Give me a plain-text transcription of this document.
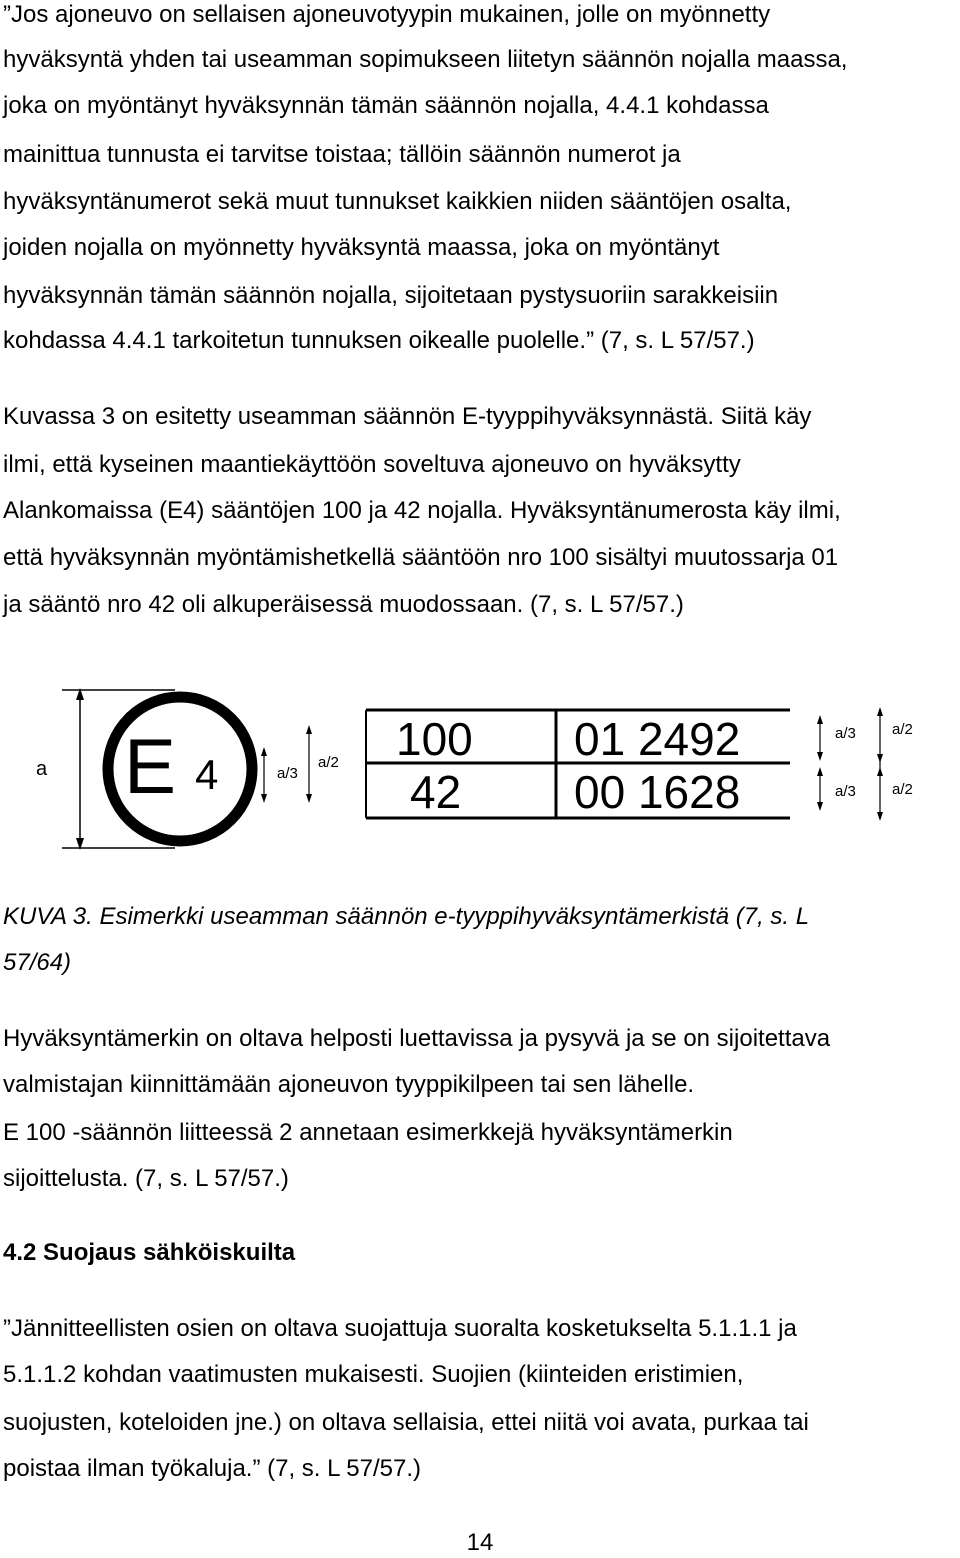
”Jos ajoneuvo on sellaisen ajoneuvotyypin mukainen, jolle on myönnetty
hyväksyntä yhden tai useamman sopimukseen liitetyn säännön nojalla maassa,
joka on myöntänyt hyväksynnän tämän säännön nojalla, 4.4.1 kohdassa
mainittua tunnusta ei tarvitse toistaa; tällöin säännön numerot ja
hyväksyntänumerot sekä muut tunnukset kaikkien niiden sääntöjen osalta,
joiden nojalla on myönnetty hyväksyntä maassa, joka on myöntänyt
hyväksynnän tämän säännön nojalla, sijoitetaan pystysuoriin sarakkeisiin
kohdassa 4.4.1 tarkoitetun tunnuksen oikealle puolelle.” (7, s. L 57/57.)
Kuvassa 3 on esitetty useamman säännön E-tyyppihyväksynnästä. Siitä käy
ilmi, että kyseinen maantiekäyttöön soveltuva ajoneuvo on hyväksytty
Alankomaissa (E4) sääntöjen 100 ja 42 nojalla. Hyväksyntänumerosta käy ilmi,
että hyväksynnän myöntämishetkellä sääntöön nro 100 sisältyi muutossarja 01
ja sääntö nro 42 oli alkuperäisessä muodossaan. (7, s. L 57/57.)
a E 4	a/3
a/2 100 01 2492
42 00 1628
a/3
a/3
a/2
a/2
KUVA 3. Esimerkki useamman säännön e-tyyppihyväksyntämerkistä (7, s. L
57/64)
Hyväksyntämerkin on oltava helposti luettavissa ja pysyvä ja se on sijoitettava
valmistajan kiinnittämään ajoneuvon tyyppikilpeen tai sen lähelle.
E 100 -säännön liitteessä 2 annetaan esimerkkejä hyväksyntämerkin
sijoittelusta. (7, s. L 57/57.)
4.2 Suojaus sähköiskuilta
”Jännitteellisten osien on oltava suojattuja suoralta kosketukselta 5.1.1.1 ja
5.1.1.2 kohdan vaatimusten mukaisesti. Suojien (kiinteiden eristimien,
suojusten, koteloiden jne.) on oltava sellaisia, ettei niitä voi avata, purkaa tai
poistaa ilman työkaluja.” (7, s. L 57/57.)
14
